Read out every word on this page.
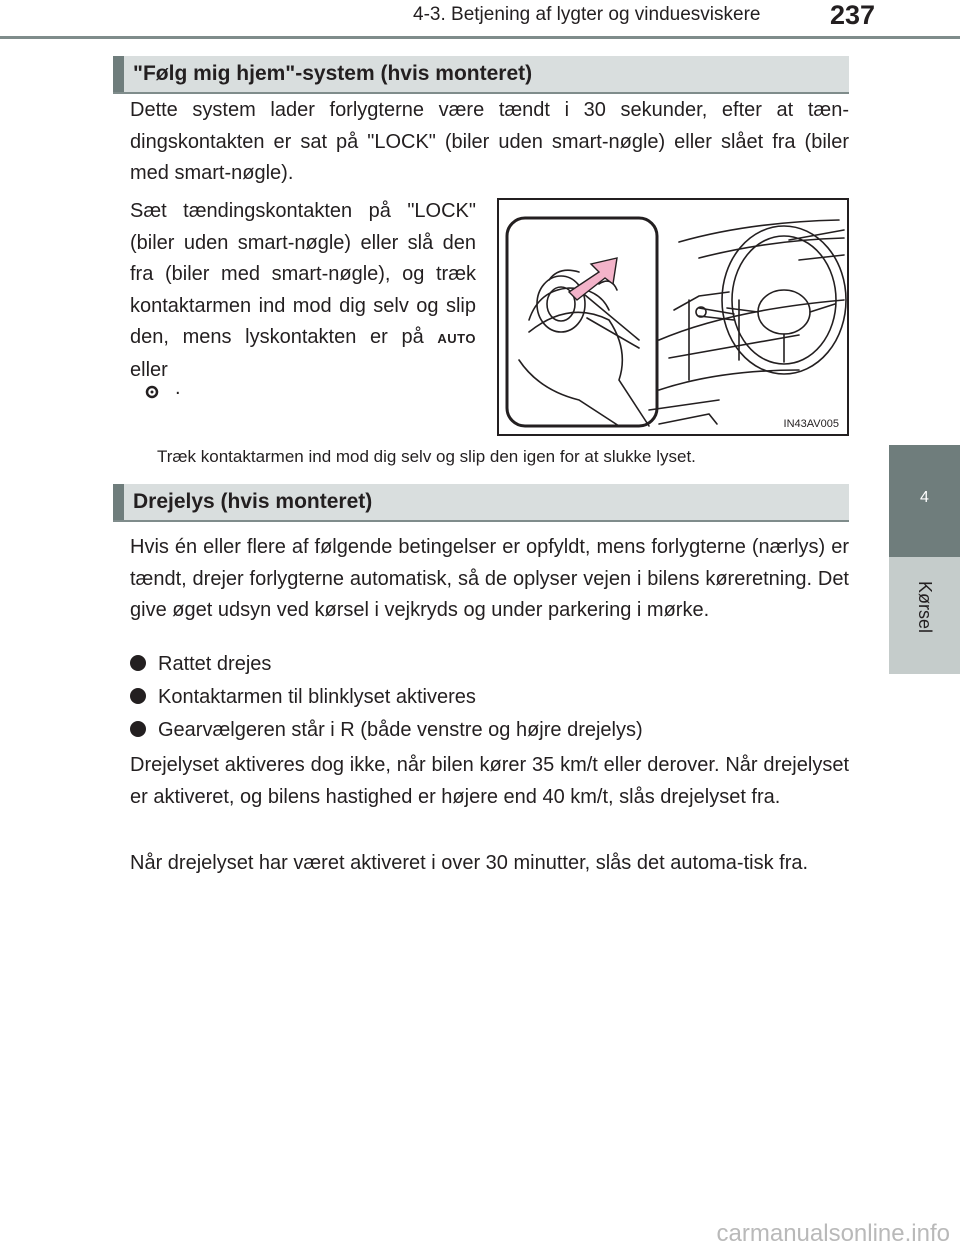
4-3. Betjening af lygter og vinduesviskere	237
4
Kørsel
"Følg mig hjem"-system (hvis monteret)

Dette system lader forlygterne være tændt i 30 sekunder, efter at tæn-dingskontakten er sat på "LOCK" (biler uden smart-nøgle) eller slået fra (biler med smart-nøgle).

Sæt tændingskontakten på "LOCK" (biler uden smart-nøgle) eller slå den fra (biler med smart-nøgle), og træk kontaktarmen ind mod dig selv og slip den, mens lyskontakten er på AUTO eller

.
IN43AV005
Træk kontaktarmen ind mod dig selv og slip den igen for at slukke lyset.
Drejelys (hvis monteret)

Hvis én eller flere af følgende betingelser er opfyldt, mens forlygterne (nærlys) er tændt, drejer forlygterne automatisk, så de oplyser vejen i bilens køreretning. Det give øget udsyn ved kørsel i vejkryds og under parkering i mørke.

Rattet drejes
Kontaktarmen til blinklyset aktiveres
Gearvælgeren står i R (både venstre og højre drejelys)

Drejelyset aktiveres dog ikke, når bilen kører 35 km/t eller derover. Når drejelyset er aktiveret, og bilens hastighed er højere end 40 km/t, slås drejelyset fra.

Når drejelyset har været aktiveret i over 30 minutter, slås det automa-tisk fra.

carmanualsonline.info
